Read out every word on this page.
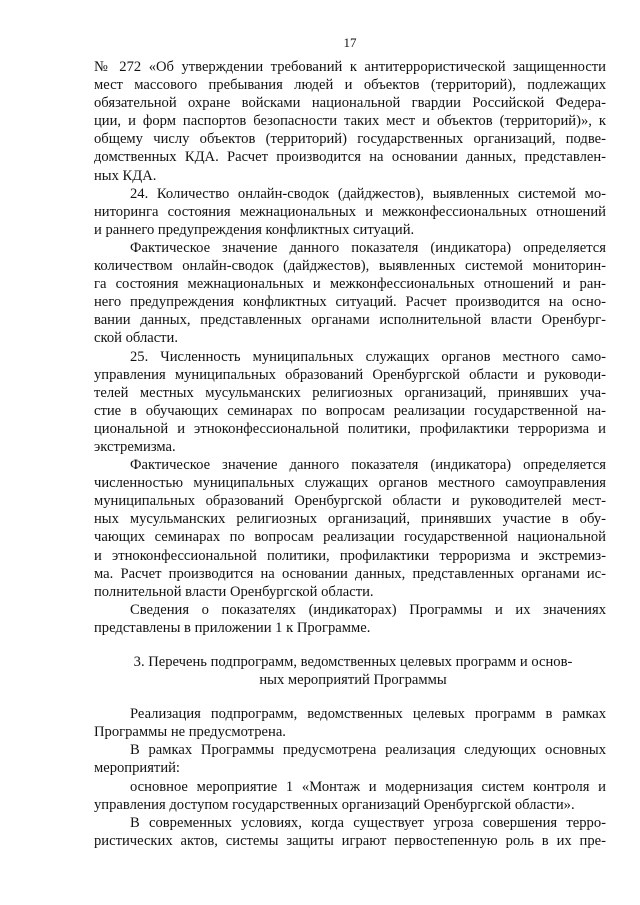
17
№ 272 «Об утверждении требований к антитеррористической защищенности
мест массового пребывания людей и объектов (территорий), подлежащих
обязательной охране войсками национальной гвардии Российской Федера-
ции, и форм паспортов безопасности таких мест и объектов (территорий)», к
общему числу объектов (территорий) государственных организаций, подве-
домственных КДА. Расчет производится на основании данных, представлен-
ных КДА.
24. Количество онлайн-сводок (дайджестов), выявленных системой мо-
ниторинга состояния межнациональных и межконфессиональных отношений
и раннего предупреждения конфликтных ситуаций.
Фактическое значение данного показателя (индикатора) определяется
количеством онлайн-сводок (дайджестов), выявленных системой мониторин-
га состояния межнациональных и межконфессиональных отношений и ран-
него предупреждения конфликтных ситуаций. Расчет производится на осно-
вании данных, представленных органами исполнительной власти Оренбург-
ской области.
25. Численность муниципальных служащих органов местного само-
управления муниципальных образований Оренбургской области и руководи-
телей местных мусульманских религиозных организаций, принявших уча-
стие в обучающих семинарах по вопросам реализации государственной на-
циональной и этноконфессиональной политики, профилактики терроризма и
экстремизма.
Фактическое значение данного показателя (индикатора) определяется
численностью муниципальных служащих органов местного самоуправления
муниципальных образований Оренбургской области и руководителей мест-
ных мусульманских религиозных организаций, принявших участие в обу-
чающих семинарах по вопросам реализации государственной национальной
и этноконфессиональной политики, профилактики терроризма и экстремиз-
ма. Расчет производится на основании данных, представленных органами ис-
полнительной власти Оренбургской области.
Сведения о показателях (индикаторах) Программы и их значениях
представлены в приложении 1 к Программе.
3. Перечень подпрограмм, ведомственных целевых программ и основ-
ных мероприятий Программы
Реализация подпрограмм, ведомственных целевых программ в рамках
Программы не предусмотрена.
В рамках Программы предусмотрена реализация следующих основных
мероприятий:
основное мероприятие 1 «Монтаж и модернизация систем контроля и
управления доступом государственных организаций Оренбургской области».
В современных условиях, когда существует угроза совершения терро-
ристических актов, системы защиты играют первостепенную роль в их пре-
